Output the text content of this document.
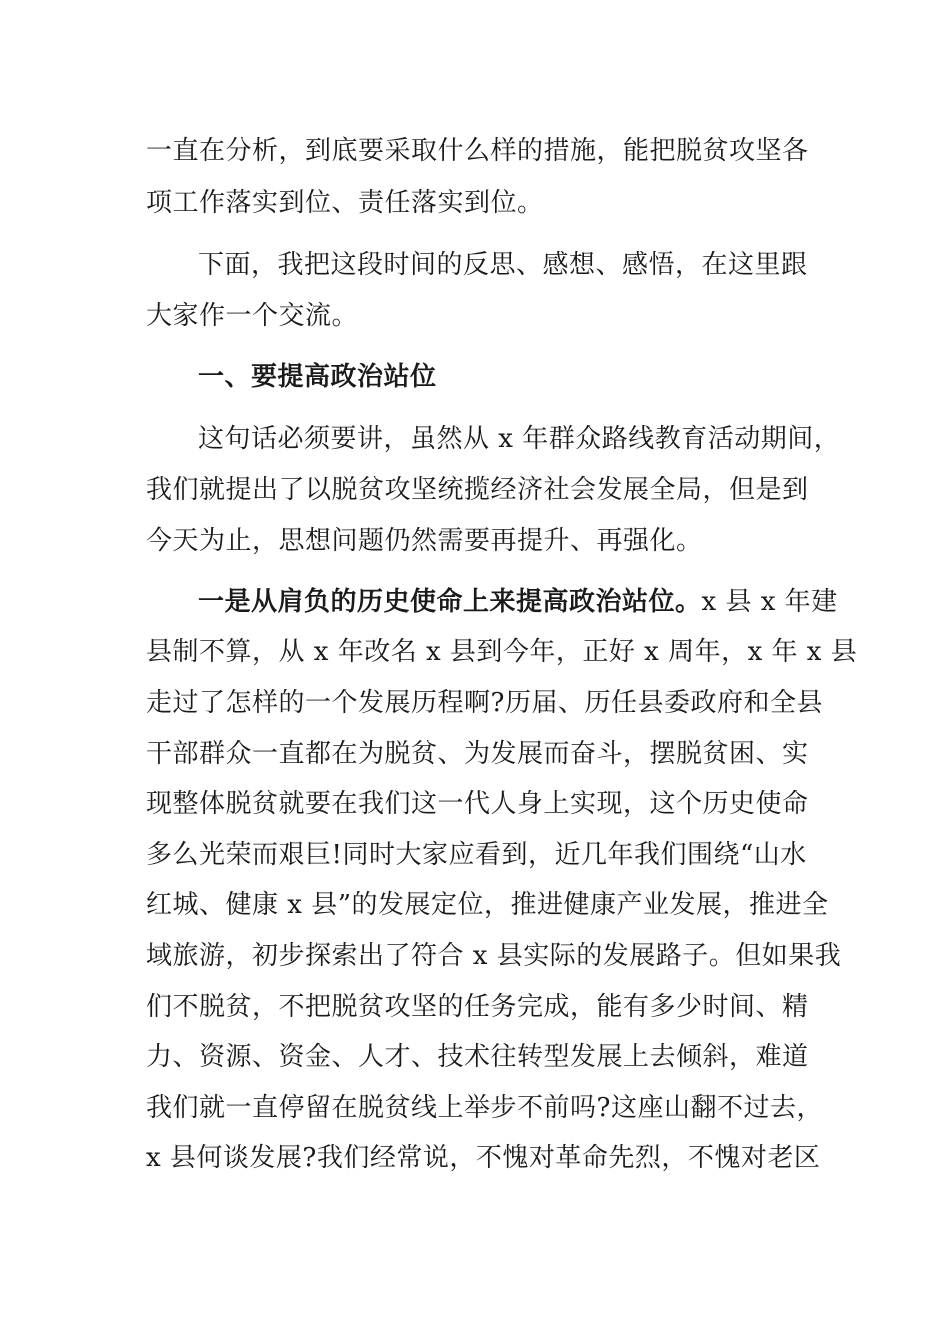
一直在分析，到底要采取什么样的措施，能把脱贫攻坚各

项工作落实到位、责任落实到位。

下面，我把这段时间的反思、感想、感悟，在这里跟

大家作一个交流。

一、要提高政治站位

这句话必须要讲，虽然从 x 年群众路线教育活动期间，

我们就提出了以脱贫攻坚统揽经济社会发展全局，但是到

今天为止，思想问题仍然需要再提升、再强化。

一是从肩负的历史使命上来提高政治站位。x 县 x 年建

县制不算，从 x 年改名 x 县到今年，正好 x 周年，x 年 x 县

走过了怎样的一个发展历程啊?历届、历任县委政府和全县

干部群众一直都在为脱贫、为发展而奋斗，摆脱贫困、实

现整体脱贫就要在我们这一代人身上实现，这个历史使命

多么光荣而艰巨!同时大家应看到，近几年我们围绕“山水

红城、健康 x 县”的发展定位，推进健康产业发展，推进全

域旅游，初步探索出了符合 x 县实际的发展路子。但如果我

们不脱贫，不把脱贫攻坚的任务完成，能有多少时间、精

力、资源、资金、人才、技术往转型发展上去倾斜，难道

我们就一直停留在脱贫线上举步不前吗?这座山翻不过去，

x 县何谈发展?我们经常说，不愧对革命先烈，不愧对老区
